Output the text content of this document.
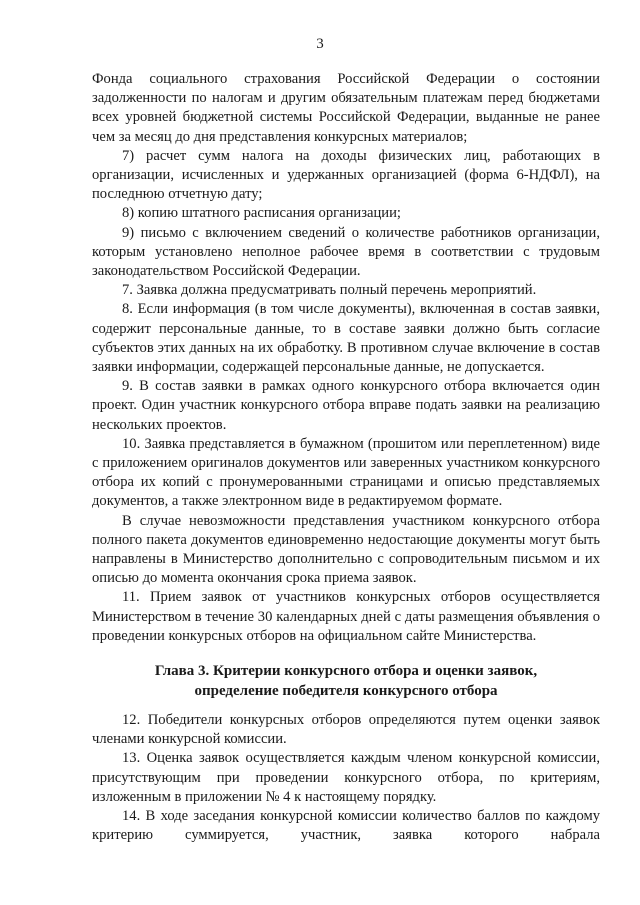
3

Фонда социального страхования Российской Федерации о состоянии задолженности по налогам и другим обязательным платежам перед бюджетами всех уровней бюджетной системы Российской Федерации, выданные не ранее чем за месяц до дня представления конкурсных материалов;

7) расчет сумм налога на доходы физических лиц, работающих в организации, исчисленных и удержанных организацией (форма 6-НДФЛ), на последнюю отчетную дату;

8) копию штатного расписания организации;

9) письмо с включением сведений о количестве работников организации, которым установлено неполное рабочее время в соответствии с трудовым законодательством Российской Федерации.

7. Заявка должна предусматривать полный перечень мероприятий.

8. Если информация (в том числе документы), включенная в состав заявки, содержит персональные данные, то в составе заявки должно быть согласие субъектов этих данных на их обработку. В противном случае включение в состав заявки информации, содержащей персональные данные, не допускается.

9. В состав заявки в рамках одного конкурсного отбора включается один проект. Один участник конкурсного отбора вправе подать заявки на реализацию нескольких проектов.

10. Заявка представляется в бумажном (прошитом или переплетенном) виде с приложением оригиналов документов или заверенных участником конкурсного отбора их копий с пронумерованными страницами и описью представляемых документов, а также электронном виде в редактируемом формате.

В случае невозможности представления участником конкурсного отбора полного пакета документов единовременно недостающие документы могут быть направлены в Министерство дополнительно с сопроводительным письмом и их описью до момента окончания срока приема заявок.

11. Прием заявок от участников конкурсных отборов осуществляется Министерством в течение 30 календарных дней с даты размещения объявления о проведении конкурсных отборов на официальном сайте Министерства.

Глава 3. Критерии конкурсного отбора и оценки заявок,
определение победителя конкурсного отбора

12. Победители конкурсных отборов определяются путем оценки заявок членами конкурсной комиссии.

13. Оценка заявок осуществляется каждым членом конкурсной комиссии, присутствующим при проведении конкурсного отбора, по критериям, изложенным в приложении № 4 к настоящему порядку.

14. В ходе заседания конкурсной комиссии количество баллов по каждому критерию суммируется, участник, заявка которого набрала
